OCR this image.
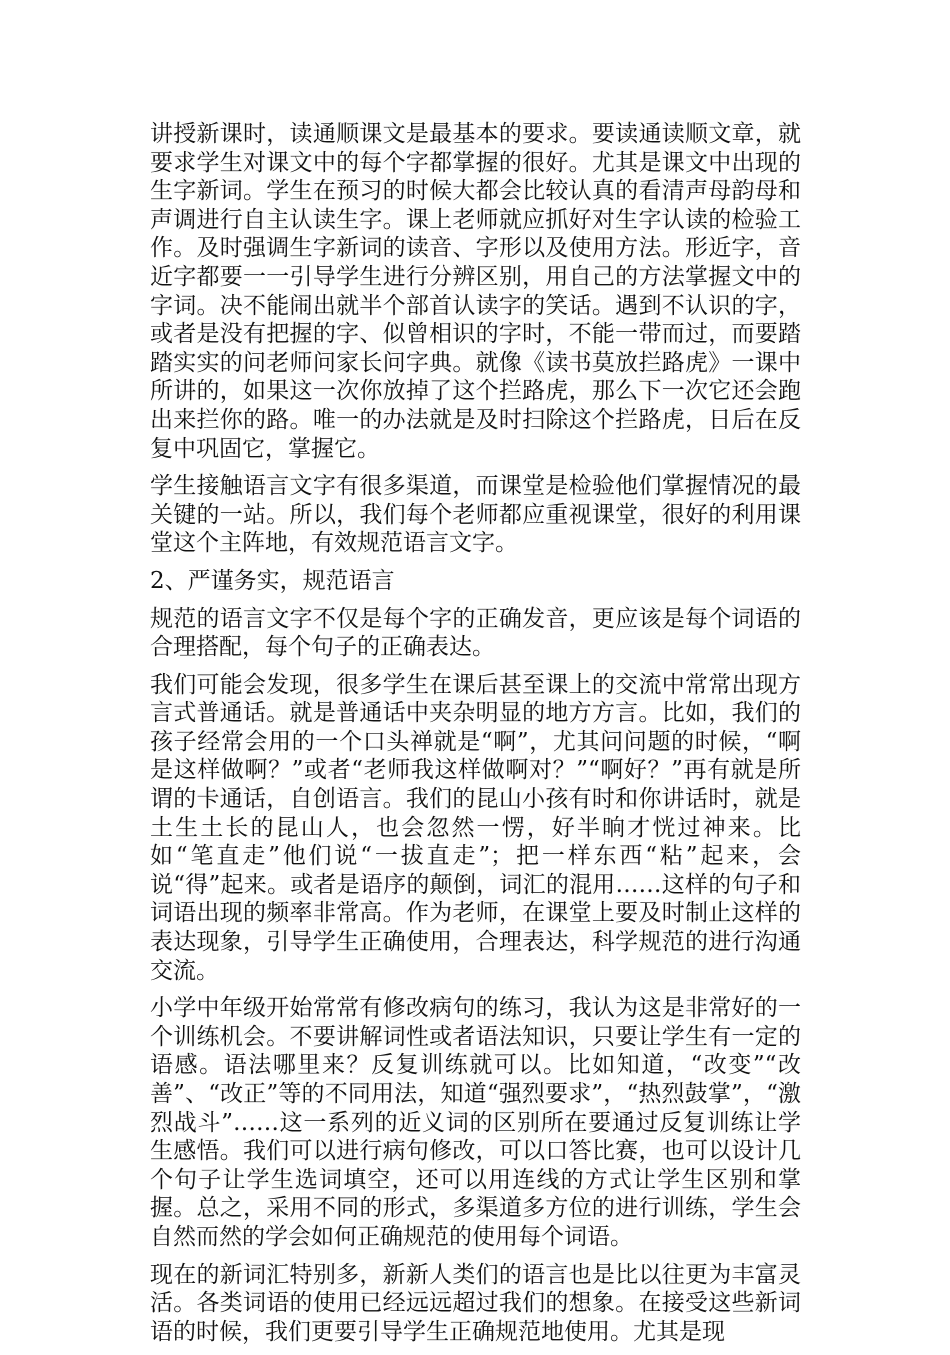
讲授新课时，读通顺课文是最基本的要求。要读通读顺文章，就要求学生对课文中的每个字都掌握的很好。尤其是课文中出现的生字新词。学生在预习的时候大都会比较认真的看清声母韵母和声调进行自主认读生字。课上老师就应抓好对生字认读的检验工作。及时强调生字新词的读音、字形以及使用方法。形近字，音近字都要一一引导学生进行分辨区别，用自己的方法掌握文中的字词。决不能闹出就半个部首认读字的笑话。遇到不认识的字，或者是没有把握的字、似曾相识的字时，不能一带而过，而要踏踏实实的问老师问家长问字典。就像《读书莫放拦路虎》一课中所讲的，如果这一次你放掉了这个拦路虎，那么下一次它还会跑出来拦你的路。唯一的办法就是及时扫除这个拦路虎，日后在反复中巩固它，掌握它。

学生接触语言文字有很多渠道，而课堂是检验他们掌握情况的最关键的一站。所以，我们每个老师都应重视课堂，很好的利用课堂这个主阵地，有效规范语言文字。

2、严谨务实，规范语言

规范的语言文字不仅是每个字的正确发音，更应该是每个词语的合理搭配，每个句子的正确表达。

我们可能会发现，很多学生在课后甚至课上的交流中常常出现方言式普通话。就是普通话中夹杂明显的地方方言。比如，我们的孩子经常会用的一个口头禅就是“啊”，尤其问问题的时候，“啊是这样做啊？”或者“老师我这样做啊对？”“啊好？”再有就是所谓的卡通话，自创语言。我们的昆山小孩有时和你讲话时，就是土生土长的昆山人，也会忽然一愣，好半晌才恍过神来。比如“笔直走”他们说“一拔直走”；把一样东西“粘”起来，会说“得”起来。或者是语序的颠倒，词汇的混用……这样的句子和词语出现的频率非常高。作为老师，在课堂上要及时制止这样的表达现象，引导学生正确使用，合理表达，科学规范的进行沟通交流。

小学中年级开始常常有修改病句的练习，我认为这是非常好的一个训练机会。不要讲解词性或者语法知识，只要让学生有一定的语感。语法哪里来？反复训练就可以。比如知道，“改变”“改善”、“改正”等的不同用法，知道“强烈要求”，“热烈鼓掌”，“激烈战斗”……这一系列的近义词的区别所在要通过反复训练让学生感悟。我们可以进行病句修改，可以口答比赛，也可以设计几个句子让学生选词填空，还可以用连线的方式让学生区别和掌握。总之，采用不同的形式，多渠道多方位的进行训练，学生会自然而然的学会如何正确规范的使用每个词语。

现在的新词汇特别多，新新人类们的语言也是比以往更为丰富灵活。各类词语的使用已经远远超过我们的想象。在接受这些新词语的时候，我们更要引导学生正确规范地使用。尤其是现
